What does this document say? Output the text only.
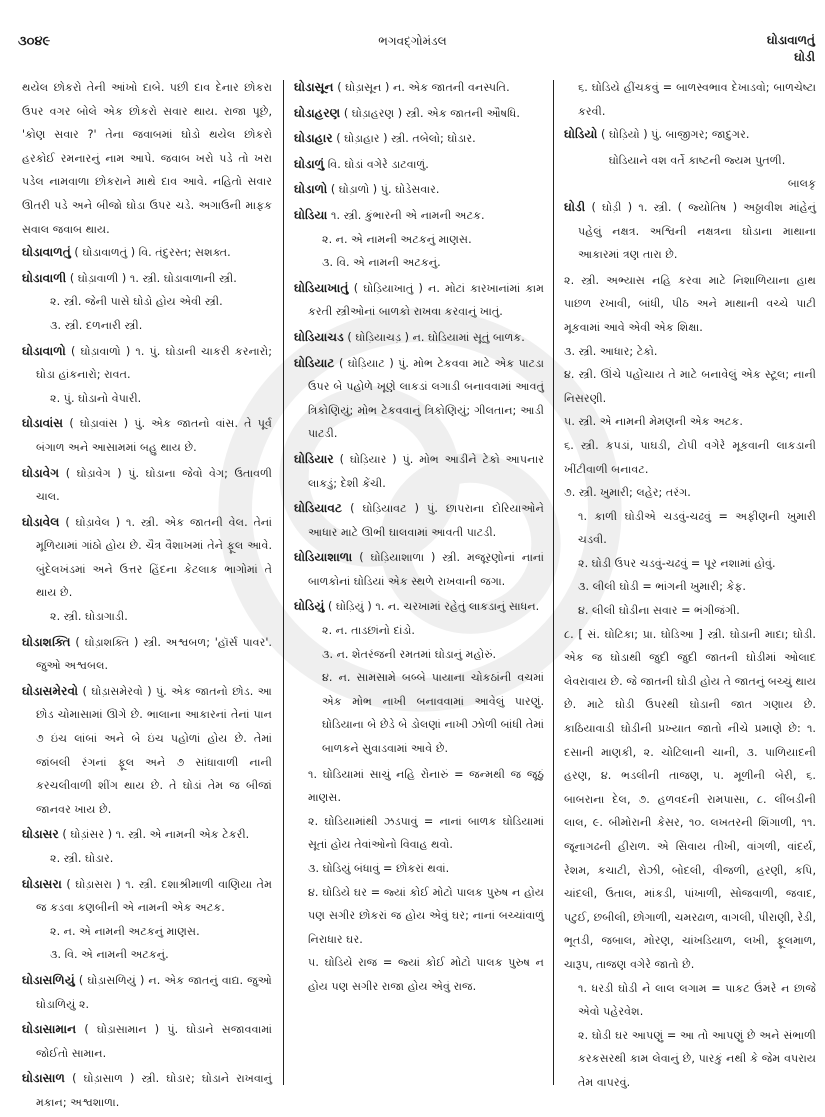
૩૦૪૯	ભગવદ્ગોમંડલ	ઘોડાવાળતું
ઘોડી

થયેલ છોકરો તેની આંખો દાબે. પછી દાવ દેનાર છોકરા ઉપર વગર બોલે એક છોકરો સવાર થાય. રાજા પૂછે, 'કોણ સવાર ?' તેના જવાબમાં ઘોડો થયેલ છોકરો હરકોઈ રમનારનું નામ આપે. જવાબ ખરો પડે તો ખરા પડેલ નામવાળા છોકરાને માથે દાવ આવે. નહિતો સવાર ઊતરી પડે અને બીજો ઘોડા ઉપર ચડે. અગાઉની માફક સવાલ જવાબ થાય.

ઘોડાવાળતું ( ઘોડાવાળતું ) વિ. તંદુરસ્ત; સશક્ત.
ઘોડાવાળી ( ઘોડ઼ાવાળી ) ૧. સ્ત્રી. ઘોડાવાળાની સ્ત્રી.
૨. સ્ત્રી. જેની પાસે ઘોડો હોય એવી સ્ત્રી.
૩. સ્ત્રી. દળનારી સ્ત્રી.
ઘોડાવાળો ( ઘોડ઼ાવાળો ) ૧. પું. ઘોડાની ચાકરી કરનારો; ઘોડા હાંકનારો; રાવત.
૨. પું. ઘોડાનો વેપારી.
ઘોડાવાંસ ( ઘોડ઼ાવાંસ ) પું. એક જાતનો વાંસ. તે પૂર્વ બંગાળ અને આસામમાં બહુ થાય છે.
ઘોડાવેગ ( ઘોડ઼ાવેગ ) પું. ઘોડાના જેવો વેગ; ઉતાવળી ચાલ.
ઘોડાવેલ ( ઘોડ઼ાવેલ ) ૧. સ્ત્રી. એક જાતની વેલ. તેનાં મૂળિયામાં ગાંઠો હોય છે. ચૈત્ર વૈશાખમાં તેને ફૂલ આવે. બુંદેલખંડમાં અને ઉત્તર હિંદના કેટલાક ભાગોમાં તે થાય છે.
૨. સ્ત્રી. ઘોડાગાડી.
ઘોડાશક્તિ ( ઘોડ઼ાશક્તિ ) સ્ત્રી. અશ્વબળ; 'હૉર્સ પાવર'. જુઓ અશ્વબલ.
ઘોડાસમેરવો ( ઘોડ઼ાસમેરવો ) પું. એક જાતનો છોડ. આ છોડ ચોમાસામાં ઊગે છે. ભાલાના આકારનાં તેનાં પાન ૭ ઇંચ લાંબાં અને બે ઇંચ પહોળાં હોય છે. તેમાં જાંબલી રંગનાં ફૂલ અને ૭ સાંધાવાળી નાની કરચલીવાળી શીંગ થાય છે. તે ઘોડાં તેમ જ બીજાં જાનવર ખાય છે.
ઘોડાસર ( ઘોડ઼ાંસર ) ૧. સ્ત્રી. એ નામની એક ટેકરી.
૨. સ્ત્રી. ઘોડાર.
ઘોડાસરા ( ઘોડ઼ાસરા ) ૧. સ્ત્રી. દશાશ્રીમાળી વાણિયા તેમ જ કડવા કણબીની એ નામની એક અટક.
૨. ન. એ નામની અટકનું માણસ.
૩. વિ. એ નામની અટકનું.
ઘોડાસળિયું ( ઘોડ઼ાસળિયું ) ન. એક જાતનું વાદ્ય. જુઓ ઘોડાળિયું ૨.
ઘોડાસામાન ( ઘોડ઼ાસામાન ) પું. ઘોડાને સજાવવામાં જોઈતો સામાન.
ઘોડાસાળ ( ઘોડ઼ાસાળ ) સ્ત્રી. ઘોડાર; ઘોડાને રાખવાનું મકાન; અશ્વશાળા.
ઘોડાસૂન ( ઘોડ઼ાસૂન ) ન. એક જાતની વનસ્પતિ.
ઘોડાહરણ ( ઘોડ઼ાહરણ ) સ્ત્રી. એક જાતની ઔષધિ.
ઘોડાહાર ( ઘોડ઼ાહાર ) સ્ત્રી. તબેલો; ઘોડાર.
ઘોડાળું વિ. ઘોડાં વગેરે ડાટવાળું.
ઘોડાળો ( ઘોડ઼ાળો ) પું. ઘોડેસવાર.
ઘોડિયા ૧. સ્ત્રી. કુંભારની એ નામની અટક.
૨. ન. એ નામની અટકનું માણસ.
૩. વિ. એ નામની અટકનું.
ઘોડિયાખાતું ( ઘોડ઼િયાખાતું ) ન. મોટાં કારખાનાંમાં કામ કરતી સ્ત્રીઓનાં બાળકો રાખવા કરવાનું ખાતું.
ઘોડિયાચડ ( ઘોડ઼િયાચડ઼ ) ન. ઘોડિયામાં સૂતું બાળક.
ઘોડિયાટ ( ઘોડ઼િયાટ ) પું. મોભ ટેકવવા માટે એક પાટડા ઉપર બે પહોળે ખૂણે લાકડાં લગાડી બનાવવામાં આવતું ત્રિકોણિયું; મોભ ટેકવવાનું ત્રિકોણિયું; ગીલતાન; આડી પાટડી.
ઘોડિયાર ( ઘોડ઼િયાર ) પું. મોભ આડીને ટેકો આપનાર લાકડું; દેશી કેંચી.
ઘોડિયાવટ ( ઘોડ઼િયાવટ ) પું. છાપરાના દોરિયાઓને આધાર માટે ઊભી ઘાલવામાં આવતી પાટડી.
ઘોડિયાશાળા ( ઘોડ઼િયાશાળા ) સ્ત્રી. મજૂરણોનાં નાનાં બાળકોનાં ઘોડિયાં એક સ્થળે રાખવાની જગા.
ઘોડિયું ( ઘોડ઼િયું ) ૧. ન. ચરખામાં રહેતું લાકડાનું સાધન.
૨. ન. તાડછાંનો દાંડો.
૩. ન. શેતરંજની રમતમાં ઘોડાનું મહોરું.
૪. ન. સામસામે બબ્બે પાયાના ચોકઠાંની વચમાં એક મોભ નાખી બનાવવામાં આવેલું પારણું. ઘોડિયાના બે છેડે બે ડોલણાં નાખી ઝોળી બાંધી તેમાં બાળકને સુવાડવામાં આવે છે.

૧. ઘોડિયામાં સાચું નહિ રોનારું = જન્મથી જ જૂઠું માણસ.

૨. ઘોડિયામાંથી ઝડપાવું = નાનાં બાળક ઘોડિયામાં સૂતાં હોય તેવાંઓનો વિવાહ થવો.

૩. ઘોડિયું બંધાવું = છોકરાં થવાં.

૪. ઘોડિયે ઘર = જ્યાં કોઈ મોટો પાલક પુરુષ ન હોય પણ સગીર છોકરાં જ હોય એવું ઘર; નાનાં બચ્ચાંવાળું નિરાધાર ઘર.

૫. ઘોડિયે રાજ = જ્યાં કોઈ મોટો પાલક પુરુષ ન હોય પણ સગીર રાજા હોય એવું રાજ.

૬. ઘોડિયે હીંચકવું = બાળસ્વભાવ દેખાડવો; બાળચેષ્ટા કરવી.

ઘોડિયો ( ઘોડ઼િયો ) પું. બાજીગર; જાદુગર.

ઘોડિયાને વશ વર્તે કાષ્ટની જ્યમ પુતળી.

બાલકૃ

ઘોડી ( ઘોડ઼ી ) ૧. સ્ત્રી. ( જ્યોતિષ ) અઠ્ઠાવીશ માંહેનું પહેલું નક્ષત્ર. અશ્વિની નક્ષત્રના ઘોડાના માથાના આકારમાં ત્રણ તારા છે.

૨. સ્ત્રી. અભ્યાસ નહિ કરવા માટે નિશાળિયાના હાથ પાછળ રખાવી, બાંધી, પીઠ અને માથાની વચ્ચે પાટી મૂકવામાં આવે એવી એક શિક્ષા.

૩. સ્ત્રી. આધાર; ટેકો.

૪. સ્ત્રી. ઊંચે પહોંચાય તે માટે બનાવેલું એક સ્ટૂલ; નાની નિસરણી.

૫. સ્ત્રી. એ નામની મેમણની એક અટક.

૬. સ્ત્રી. કપડાં, પાઘડી, ટોપી વગેરે મૂકવાની લાકડાની ખીંટીવાળી બનાવટ.

૭. સ્ત્રી. ખુમારી; લહેર; તરંગ.

૧. કાળી ઘોડીએ ચડવું-ચઢવું = અફીણની ખુમારી ચડવી.

૨. ઘોડી ઉપર ચડવું-ચઢવું = પૂર નશામાં હોવું.

૩. લીલી ઘોડી = ભાંગની ખુમારી; કેફ.

૪. લીલી ઘોડીના સવાર = ભંગીજંગી.

૮. [ સં. ઘોટિકા; પ્રા. ઘોડિઆ ] સ્ત્રી. ઘોડાની માદા; ઘોડી. એક જ ઘોડાથી જુદી જુદી જાતની ઘોડીમાં ઓલાદ લેવરાવાય છે. જે જાતની ઘોડી હોય તે જાતનું બચ્ચું થાય છે. માટે ઘોડી ઉપરથી ઘોડાની જાત ગણાય છે. કાઠિયાવાડી ઘોડીની પ્રખ્યાત જાતો નીચે પ્રમાણે છે: ૧. દસાની માણકી, ૨. ચોટિલાની ચાની, ૩. પાળિયાદની હરણ, ૪. ભડલીની તાજણ, ૫. મૂળીની બેરી, ૬. બાબરાના દેલ, ૭. હળવદની રામપાસા, ૮. લીંબડીની લાલ, ૯. બીમોરાની કેસર, ૧૦. લખતરની શિંગાળી, ૧૧. જૂનાગઢની હીરાળ. એ સિવાય તીખી, વાંગળી, વાંદર્ય, રેશમ, કચાટી, રોઝી, બોદલી, વીજળી, હરણી, કપિ, ચાંદલી, ઉતાલ, માંકડી, પાંખાળી, સોજવાળી, જવાદ, પટુઈ, છબીલી, છોગાળી, ચમરઢાળ, વાગલી, પીરાણી, રેડી, ભૂતડી, જબાલ, મોરણ, ચાંખડિયાળ, લખી, ફૂલમાળ, ચારૂપ, તાજણ વગેરે જાતો છે.

૧. ધરડી ઘોડી ને લાલ લગામ = પાકટ ઉંમરે ન છાજે એવો પહેરવેશ.

૨. ઘોડી ઘર આપણું = આ તો આપણું છે અને સંભાળી કરકસરથી કામ લેવાનું છે, પારકું નથી કે જેમ વપરાય તેમ વાપરવું.
